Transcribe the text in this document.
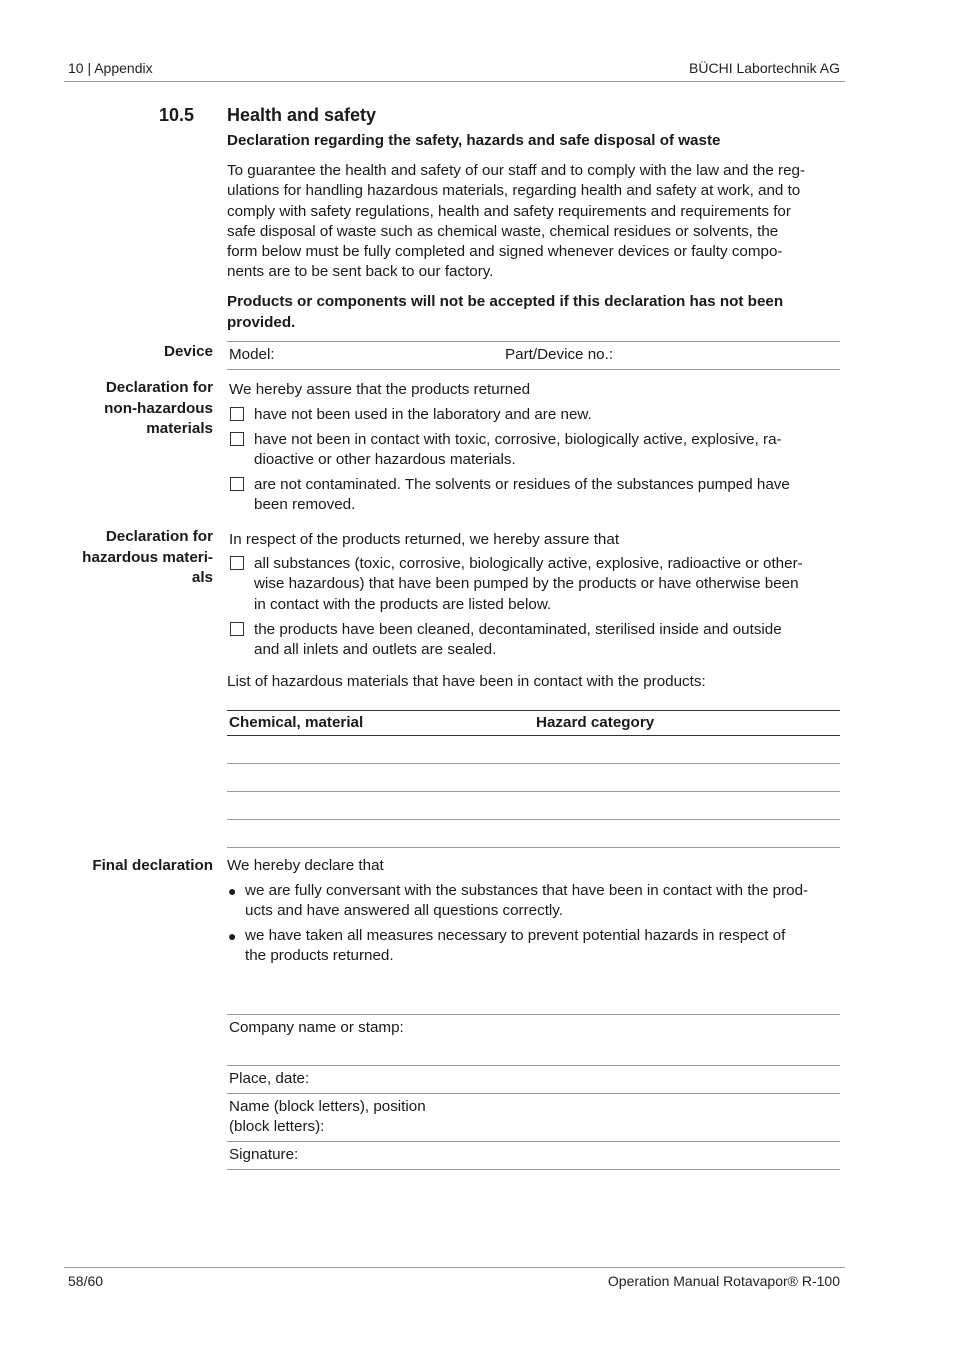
10 | Appendix	BÜCHI Labortechnik AG
10.5 Health and safety
Declaration regarding the safety, hazards and safe disposal of waste
To guarantee the health and safety of our staff and to comply with the law and the reg-
ulations for handling hazardous materials, regarding health and safety at work, and to
comply with safety regulations, health and safety requirements and requirements for
safe disposal of waste such as chemical waste, chemical residues or solvents, the
form below must be fully completed and signed whenever devices or faulty compo-
nents are to be sent back to our factory.
Products or components will not be accepted if this declaration has not been
provided.
Device Model:	Part/Device no.:
Declaration for
non-hazardous
materials
We hereby assure that the products returned
have not been used in the laboratory and are new.
have not been in contact with toxic, corrosive, biologically active, explosive, ra-
dioactive or other hazardous materials.
are not contaminated. The solvents or residues of the substances pumped have
been removed.
Declaration for
hazardous materi-
als
In respect of the products returned, we hereby assure that
all substances (toxic, corrosive, biologically active, explosive, radioactive or other-
wise hazardous) that have been pumped by the products or have otherwise been
in contact with the products are listed below.
the products have been cleaned, decontaminated, sterilised inside and outside
and all inlets and outlets are sealed.
List of hazardous materials that have been in contact with the products:
Chemical, material	Hazard category
Final declaration We hereby declare that
● we are fully conversant with the substances that have been in contact with the prod-
ucts and have answered all questions correctly.
● we have taken all measures necessary to prevent potential hazards in respect of
the products returned.
Company name or stamp:
Place, date:
Name (block letters), position
(block letters):
Signature:
58/60	Operation Manual Rotavapor® R-100
